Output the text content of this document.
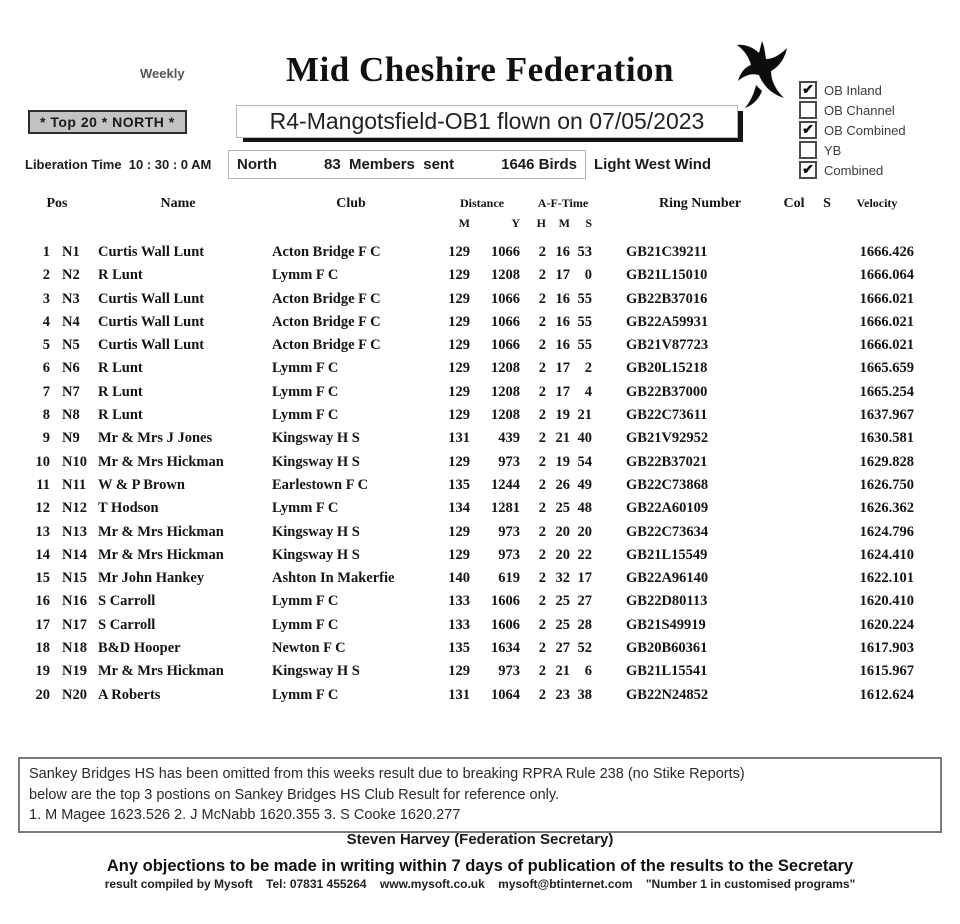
Weekly	Mid Cheshire Federation	✔ OB Inland
OB Channel
✔ OB Combined
YB
✔ Combined
* Top 20 * NORTH *	R4-Mangotsfield-OB1 flown on 07/05/2023
Liberation Time  10 : 30 : 0 AM North	83  Members  sent	1646 Birds Light West Wind
Pos	Name	Club	Distance	A-F-Time	Ring Number	Col	S	Velocity
M	Y	H	M	S
1 N1	Curtis Wall Lunt	Acton Bridge F C	129	1066	2 16 53	GB21C39211	1666.426
2 N2	R Lunt	Lymm F C	129	1208	2 17	0	GB21L15010	1666.064
3 N3	Curtis Wall Lunt	Acton Bridge F C	129	1066	2 16 55	GB22B37016	1666.021
4 N4	Curtis Wall Lunt	Acton Bridge F C	129	1066	2 16 55	GB22A59931	1666.021
5 N5	Curtis Wall Lunt	Acton Bridge F C	129	1066	2 16 55	GB21V87723	1666.021
6 N6	R Lunt	Lymm F C	129	1208	2 17	2	GB20L15218	1665.659
7 N7	R Lunt	Lymm F C	129	1208	2 17	4	GB22B37000	1665.254
8 N8	R Lunt	Lymm F C	129	1208	2 19 21	GB22C73611	1637.967
9 N9	Mr & Mrs J Jones	Kingsway H S	131	439	2 21 40	GB21V92952	1630.581
10 N10 Mr & Mrs Hickman	Kingsway H S	129	973	2 19 54	GB22B37021	1629.828
11 N11 W & P Brown	Earlestown F C	135	1244	2 26 49	GB22C73868	1626.750
12 N12 T Hodson	Lymm F C	134	1281	2 25 48	GB22A60109	1626.362
13 N13 Mr & Mrs Hickman	Kingsway H S	129	973	2 20 20	GB22C73634	1624.796
14 N14 Mr & Mrs Hickman	Kingsway H S	129	973	2 20 22	GB21L15549	1624.410
15 N15 Mr John Hankey	Ashton In Makerfie	140	619	2 32 17	GB22A96140	1622.101
16 N16 S Carroll	Lymm F C	133	1606	2 25 27	GB22D80113	1620.410
17 N17 S Carroll	Lymm F C	133	1606	2 25 28	GB21S49919	1620.224
18 N18 B&D Hooper	Newton F C	135	1634	2 27 52	GB20B60361	1617.903
19 N19 Mr & Mrs Hickman	Kingsway H S	129	973	2 21	6	GB21L15541	1615.967
20 N20 A Roberts	Lymm F C	131	1064	2 23 38	GB22N24852	1612.624
Sankey Bridges HS has been omitted from this weeks result due to breaking RPRA Rule 238 (no Stike Reports)
below are the top 3 postions on Sankey Bridges HS Club Result for reference only.
1. M Magee 1623.526 2. J McNabb 1620.355 3. S Cooke 1620.277
Steven Harvey (Federation Secretary)
Any objections to be made in writing within 7 days of publication of the results to the Secretary
result compiled by Mysoft    Tel: 07831 455264    www.mysoft.co.uk    mysoft@btinternet.com    "Number 1 in customised programs"
